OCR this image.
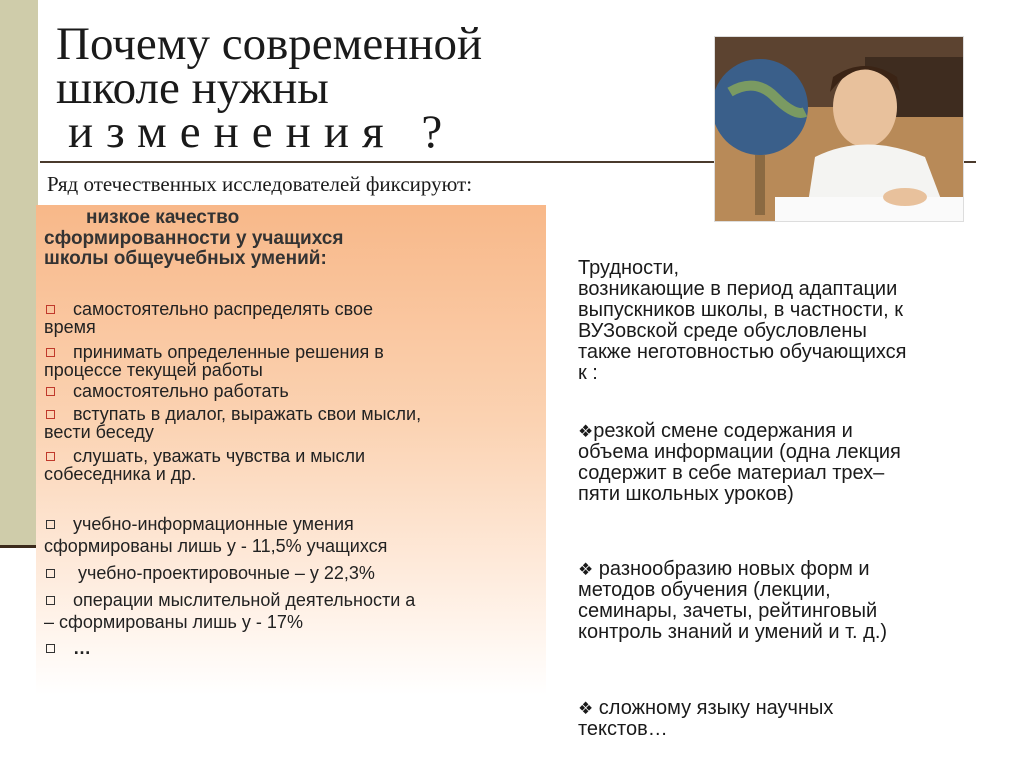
Почему современной
школе нужны
изменения ?
Ряд отечественных исследователей фиксируют:
низкое качество
сформированности у учащихся
школы общеучебных умений:
самостоятельно распределять свое
время
принимать определенные решения в
процессе текущей работы
самостоятельно работать
вступать в диалог, выражать свои мысли,
вести беседу
слушать, уважать чувства и мысли
собеседника и др.
учебно-информационные умения
сформированы лишь у - 11,5% учащихся
учебно-проектировочные – у 22,3%
операции мыслительной деятельности а
– сформированы лишь у - 17%
…
Трудности,
возникающие в период адаптации
выпускников школы, в частности, к
ВУЗовской среде обусловлены
также неготовностью обучающихся
к :
❖резкой смене содержания и
объема информации (одна лекция
содержит в себе материал трех–
пяти школьных уроков)
❖ разнообразию новых форм и
методов обучения (лекции,
семинары, зачеты, рейтинговый
контроль знаний и умений и т. д.)
❖ сложному языку научных
текстов…
